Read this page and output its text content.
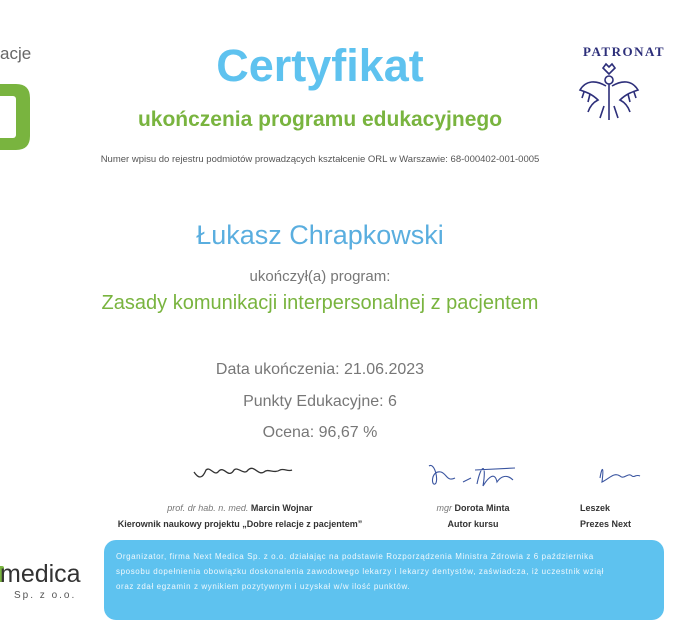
acje	PATRONAT
Certyfikat
ukończenia programu edukacyjnego
Numer wpisu do rejestru podmiotów prowadzących kształcenie ORL w Warszawie: 68-000402-001-0005
Łukasz Chrapkowski
ukończył(a) program:
Zasady komunikacji interpersonalnej z pacjentem
Data ukończenia: 21.06.2023
Punkty Edukacyjne: 6
Ocena: 96,67 %
prof. dr hab. n. med. Marcin Wojnar
Kierownik naukowy projektu „Dobre relacje z pacjentem”
mgr Dorota Minta
Autor kursu
Leszek
Prezes Next
medica
Sp. z o.o.
Organizator, firma Next Medica Sp. z o.o. działając na podstawie Rozporządzenia Ministra Zdrowia z 6 października
sposobu dopełnienia obowiązku doskonalenia zawodowego lekarzy i lekarzy dentystów, zaświadcza, iż uczestnik wziął
oraz zdał egzamin z wynikiem pozytywnym i uzyskał w/w ilość punktów.
